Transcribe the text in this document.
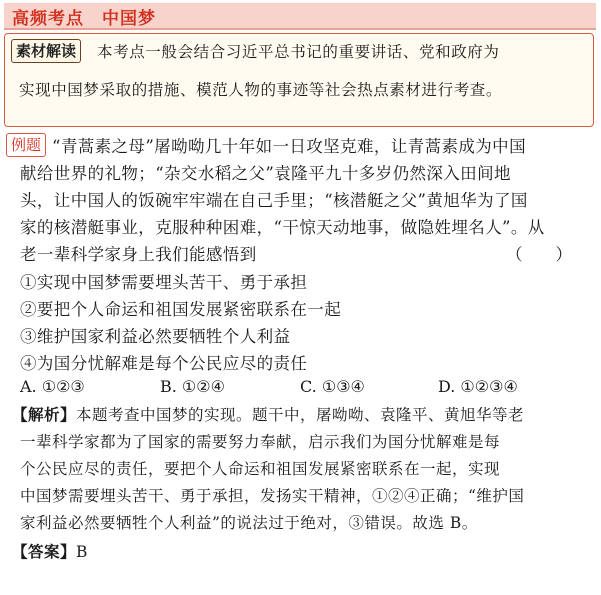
高频考点 中国梦
素材解读	本考点一般会结合习近平总书记的重要讲话、党和政府为
实现中国梦采取的措施、模范人物的事迹等社会热点素材进行考查。
例题 “青蒿素之母”屠呦呦几十年如一日攻坚克难，让青蒿素成为中国
献给世界的礼物；“杂交水稻之父”袁隆平九十多岁仍然深入田间地
头，让中国人的饭碗牢牢端在自己手里；“核潜艇之父”黄旭华为了国
家的核潜艇事业，克服种种困难，“干惊天动地事，做隐姓埋名人”。从
老一辈科学家身上我们能感悟到	（　　）
①实现中国梦需要埋头苦干、勇于承担
②要把个人命运和祖国发展紧密联系在一起
③维护国家利益必然要牺牲个人利益
④为国分忧解难是每个公民应尽的责任
A. ①②③	B. ①②④	C. ①③④	D. ①②③④
【解析】本题考查中国梦的实现。题干中，屠呦呦、袁隆平、黄旭华等老
一辈科学家都为了国家的需要努力奉献，启示我们为国分忧解难是每
个公民应尽的责任，要把个人命运和祖国发展紧密联系在一起，实现
中国梦需要埋头苦干、勇于承担，发扬实干精神，①②④正确；“维护国
家利益必然要牺牲个人利益”的说法过于绝对，③错误。故选 B。
【答案】B
